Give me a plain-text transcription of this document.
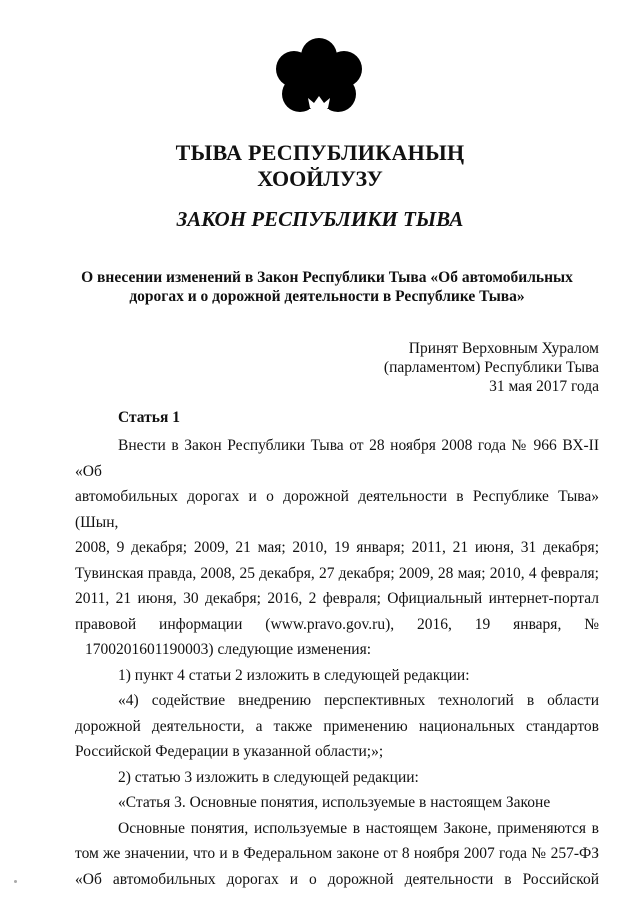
ТЫВА РЕСПУБЛИКАНЫҢ
ХООЙЛУЗУ
ЗАКОН РЕСПУБЛИКИ ТЫВА
О внесении изменений в Закон Республики Тыва «Об автомобильных
дорогах и о дорожной деятельности в Республике Тыва»
Принят Верховным Хуралом
(парламентом) Республики Тыва
31 мая 2017 года
Статья 1

Внести в Закон Республики Тыва от 28 ноября 2008 года № 966 ВХ-II «Об

автомобильных дорогах и о дорожной деятельности в Республике Тыва» (Шын,

2008, 9 декабря; 2009, 21 мая; 2010, 19 января; 2011, 21 июня, 31 декабря;

Тувинская правда, 2008, 25 декабря, 27 декабря; 2009, 28 мая; 2010, 4 февраля;

2011, 21 июня, 30 декабря; 2016, 2 февраля; Официальный интернет-портал

правовой информации (www.pravo.gov.ru), 2016, 19 января, №

1700201601190003) следующие изменения:

1) пункт 4 статьи 2 изложить в следующей редакции:

«4) содействие внедрению перспективных технологий в области

дорожной деятельности, а также применению национальных стандартов

Российской Федерации в указанной области;»;

2) статью 3 изложить в следующей редакции:

«Статья 3. Основные понятия, используемые в настоящем Законе

Основные понятия, используемые в настоящем Законе, применяются в

том же значении, что и в Федеральном законе от 8 ноября 2007 года № 257-ФЗ

«Об автомобильных дорогах и о дорожной деятельности в Российской
